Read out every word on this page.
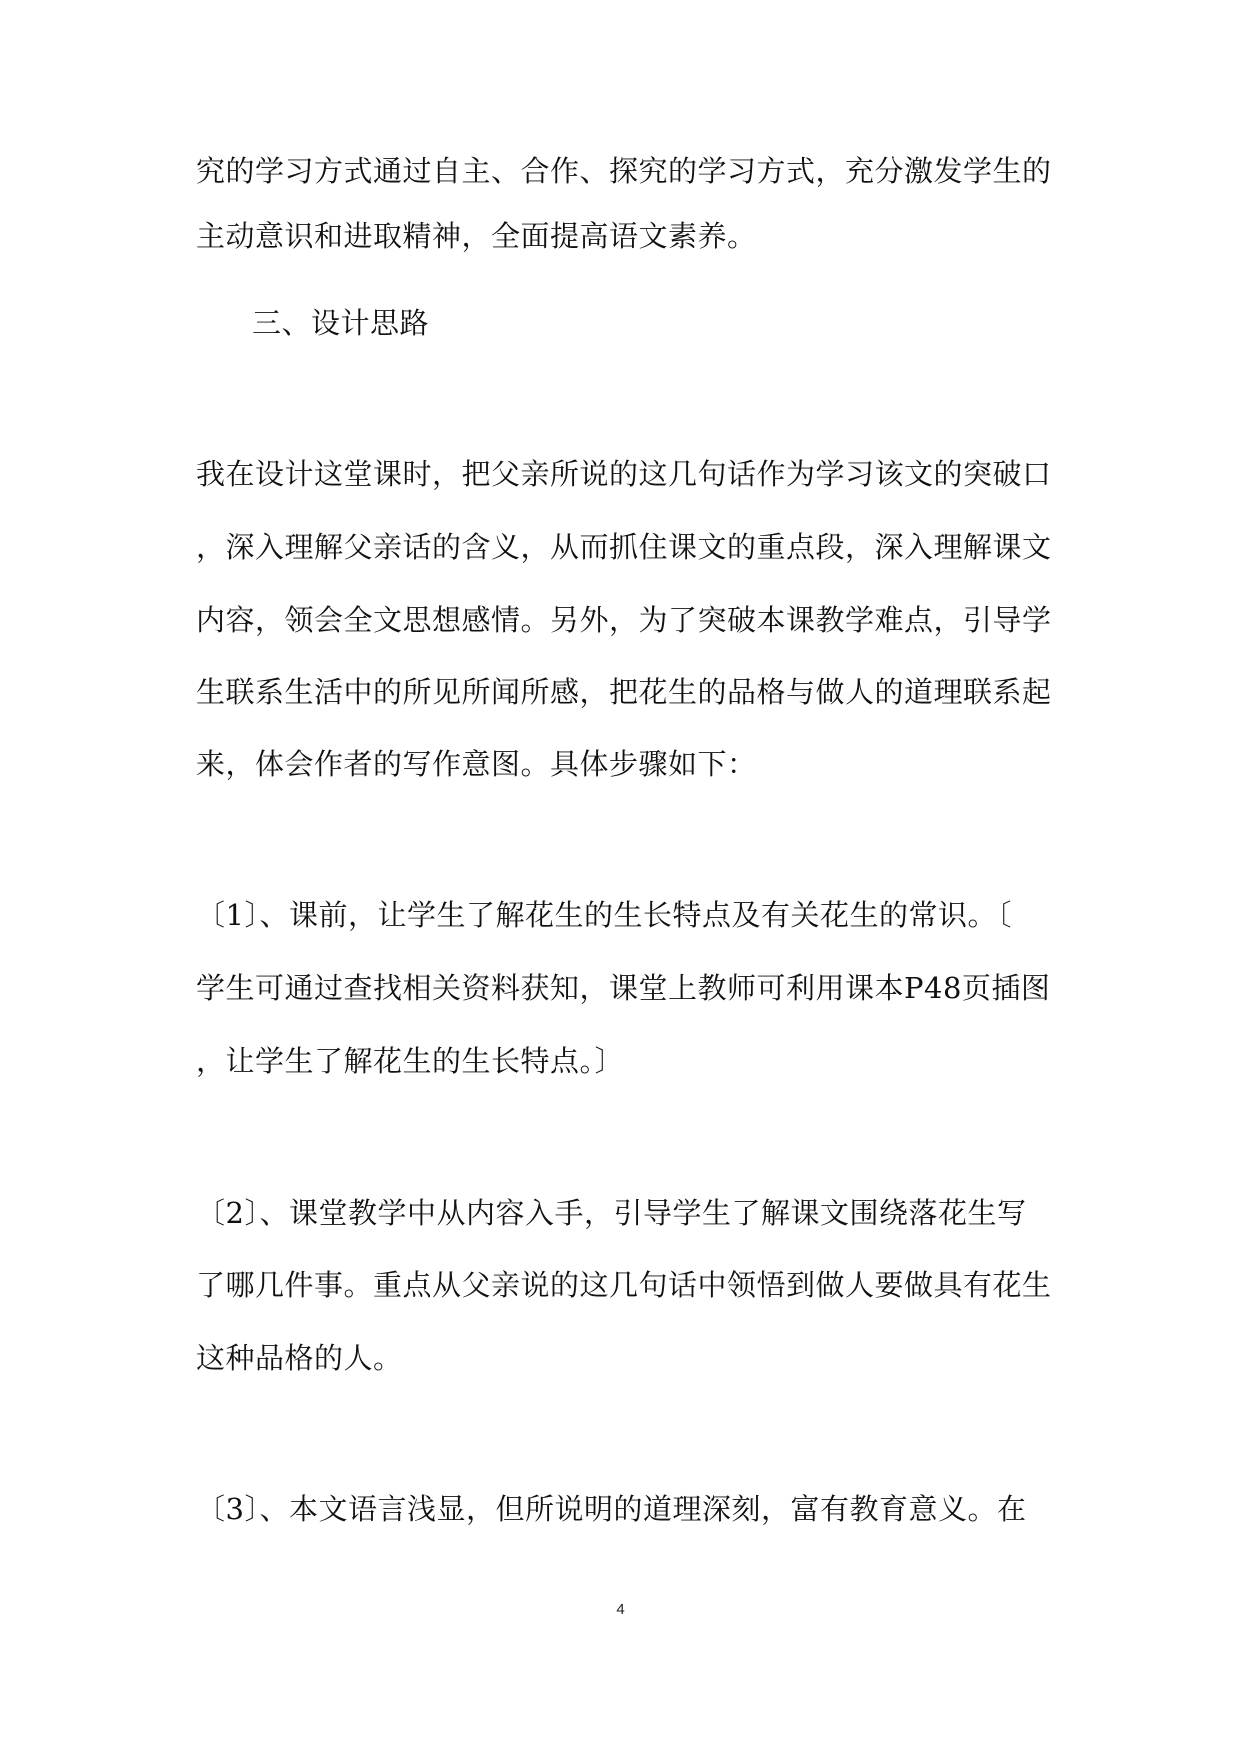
究的学习方式通过自主、合作、探究的学习方式，充分激发学生的

主动意识和进取精神，全面提高语文素养。

三、设计思路

我在设计这堂课时，把父亲所说的这几句话作为学习该文的突破口

，深入理解父亲话的含义，从而抓住课文的重点段，深入理解课文

内容，领会全文思想感情。另外，为了突破本课教学难点，引导学

生联系生活中的所见所闻所感，把花生的品格与做人的道理联系起

来，体会作者的写作意图。具体步骤如下：

〔1〕、课前，让学生了解花生的生长特点及有关花生的常识。〔

学生可通过查找相关资料获知，课堂上教师可利用课本P48页插图

，让学生了解花生的生长特点。〕

〔2〕、课堂教学中从内容入手，引导学生了解课文围绕落花生写

了哪几件事。重点从父亲说的这几句话中领悟到做人要做具有花生

这种品格的人。

〔3〕、本文语言浅显，但所说明的道理深刻，富有教育意义。在

4
